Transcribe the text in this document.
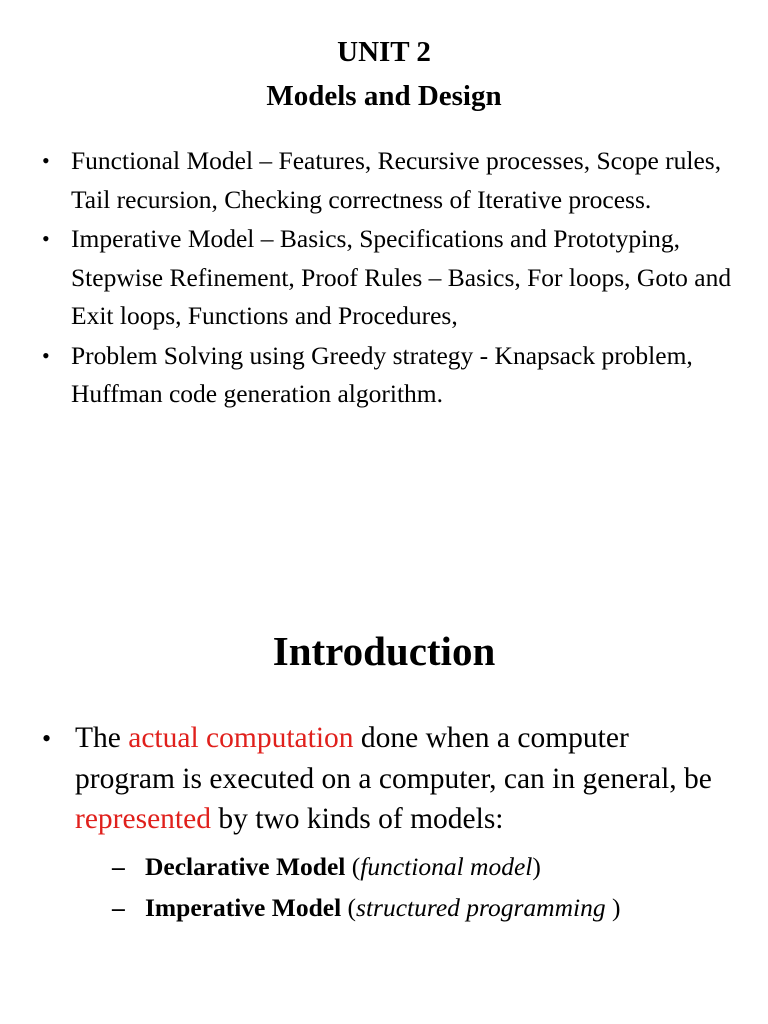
UNIT 2
Models and Design
• Functional Model – Features, Recursive processes, Scope rules, Tail recursion, Checking correctness of Iterative process.
• Imperative Model – Basics, Specifications and Prototyping, Stepwise Refinement, Proof Rules – Basics, For loops, Goto and Exit loops, Functions and Procedures,
• Problem Solving using Greedy strategy - Knapsack problem, Huffman code generation algorithm.
Introduction
• The actual computation done when a computer program is executed on a computer, can in general, be represented by two kinds of models:
– Declarative Model (functional model)
– Imperative Model (structured programming )
